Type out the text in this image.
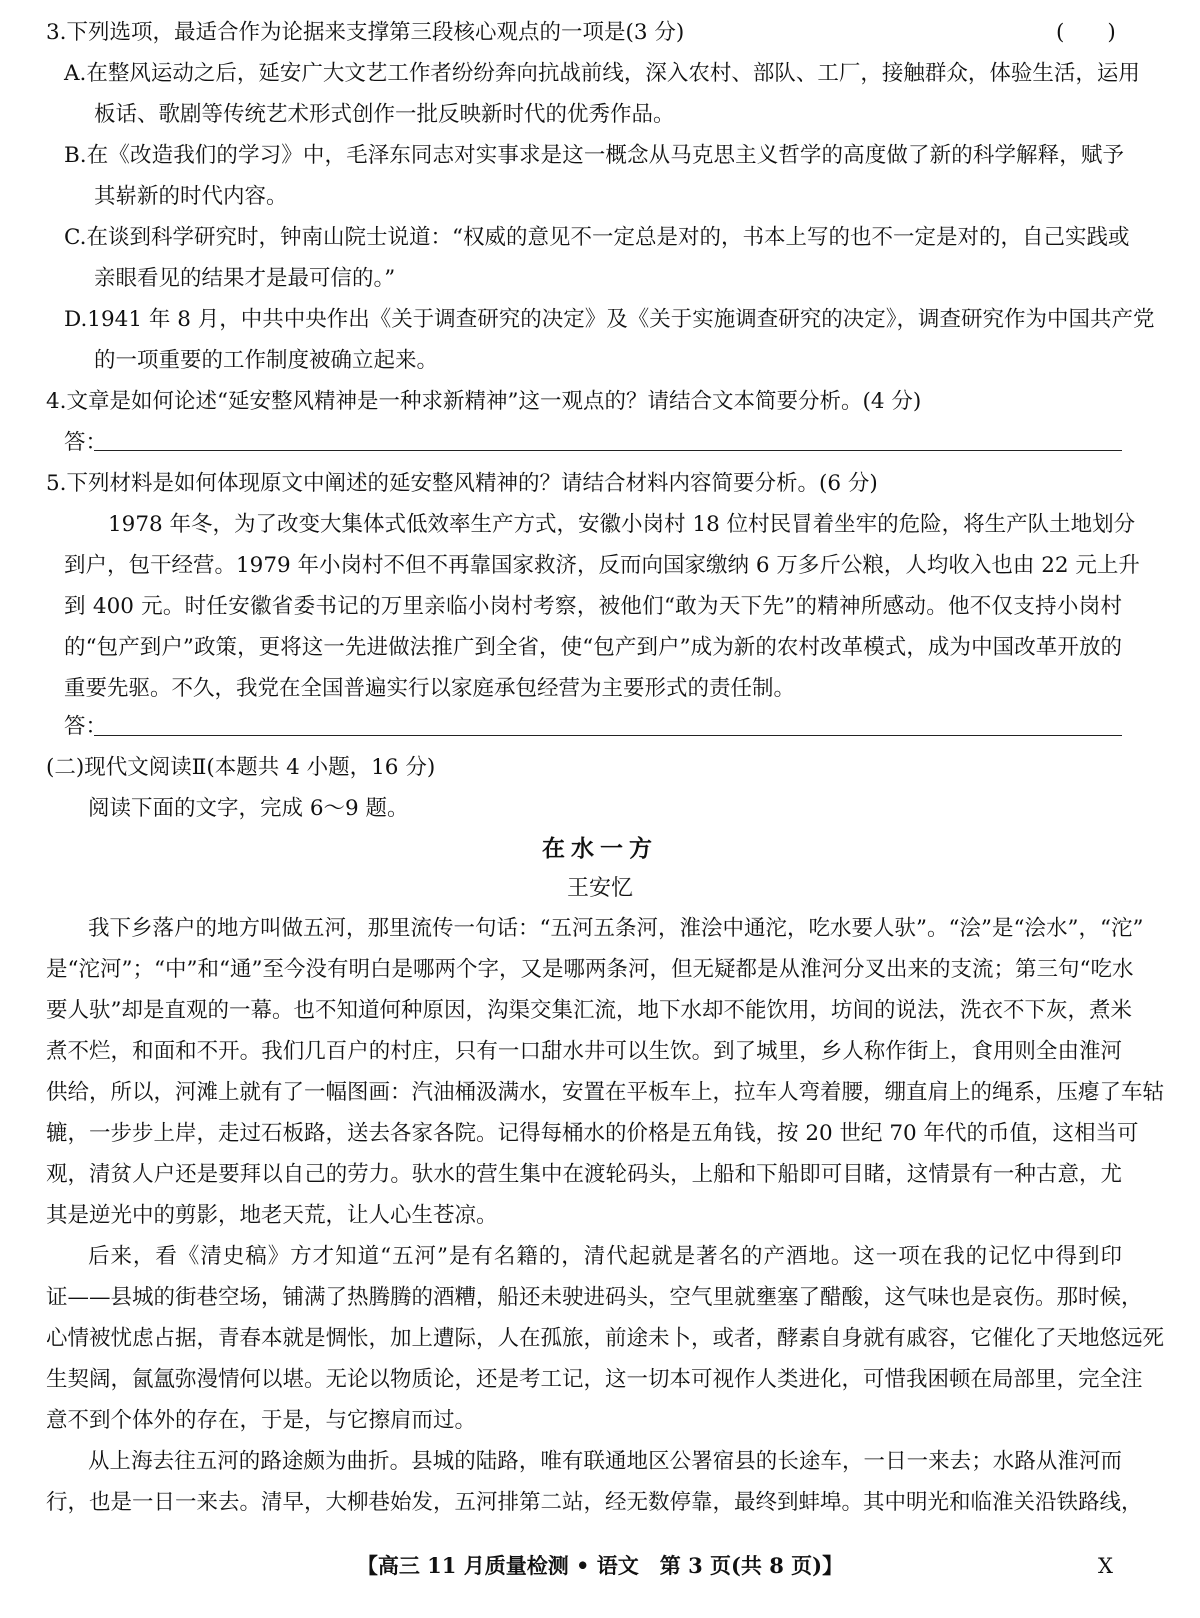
3.下列选项，最适合作为论据来支撑第三段核心观点的一项是(3 分)	(　　)
A.在整风运动之后，延安广大文艺工作者纷纷奔向抗战前线，深入农村、部队、工厂，接触群众，体验生活，运用
板话、歌剧等传统艺术形式创作一批反映新时代的优秀作品。
B.在《改造我们的学习》中，毛泽东同志对实事求是这一概念从马克思主义哲学的高度做了新的科学解释，赋予
其崭新的时代内容。
C.在谈到科学研究时，钟南山院士说道：“权威的意见不一定总是对的，书本上写的也不一定是对的，自己实践或
亲眼看见的结果才是最可信的。”
D.1941 年 8 月，中共中央作出《关于调查研究的决定》及《关于实施调查研究的决定》，调查研究作为中国共产党
的一项重要的工作制度被确立起来。
4.文章是如何论述“延安整风精神是一种求新精神”这一观点的？请结合文本简要分析。(4 分)
答：
5.下列材料是如何体现原文中阐述的延安整风精神的？请结合材料内容简要分析。(6 分)
1978 年冬，为了改变大集体式低效率生产方式，安徽小岗村 18 位村民冒着坐牢的危险，将生产队土地划分
到户，包干经营。1979 年小岗村不但不再靠国家救济，反而向国家缴纳 6 万多斤公粮，人均收入也由 22 元上升
到 400 元。时任安徽省委书记的万里亲临小岗村考察，被他们“敢为天下先”的精神所感动。他不仅支持小岗村
的“包产到户”政策，更将这一先进做法推广到全省，使“包产到户”成为新的农村改革模式，成为中国改革开放的
重要先驱。不久，我党在全国普遍实行以家庭承包经营为主要形式的责任制。
答：
(二)现代文阅读Ⅱ(本题共 4 小题，16 分)
阅读下面的文字，完成 6～9 题。
在水一方
王安忆
我下乡落户的地方叫做五河，那里流传一句话：“五河五条河，淮浍中通沱，吃水要人驮”。“浍”是“浍水”，“沱”
是“沱河”；“中”和“通”至今没有明白是哪两个字，又是哪两条河，但无疑都是从淮河分叉出来的支流；第三句“吃水
要人驮”却是直观的一幕。也不知道何种原因，沟渠交集汇流，地下水却不能饮用，坊间的说法，洗衣不下灰，煮米
煮不烂，和面和不开。我们几百户的村庄，只有一口甜水井可以生饮。到了城里，乡人称作街上，食用则全由淮河
供给，所以，河滩上就有了一幅图画：汽油桶汲满水，安置在平板车上，拉车人弯着腰，绷直肩上的绳系，压瘪了车轱
辘，一步步上岸，走过石板路，送去各家各院。记得每桶水的价格是五角钱，按 20 世纪 70 年代的币值，这相当可
观，清贫人户还是要拜以自己的劳力。驮水的营生集中在渡轮码头，上船和下船即可目睹，这情景有一种古意，尤
其是逆光中的剪影，地老天荒，让人心生苍凉。
后来，看《清史稿》方才知道“五河”是有名籍的，清代起就是著名的产酒地。这一项在我的记忆中得到印
证——县城的街巷空场，铺满了热腾腾的酒糟，船还未驶进码头，空气里就壅塞了醋酸，这气味也是哀伤。那时候，
心情被忧虑占据，青春本就是惆怅，加上遭际，人在孤旅，前途未卜，或者，酵素自身就有戚容，它催化了天地悠远死
生契阔，氤氲弥漫情何以堪。无论以物质论，还是考工记，这一切本可视作人类进化，可惜我困顿在局部里，完全注
意不到个体外的存在，于是，与它擦肩而过。
从上海去往五河的路途颇为曲折。县城的陆路，唯有联通地区公署宿县的长途车，一日一来去；水路从淮河而
行，也是一日一来去。清早，大柳巷始发，五河排第二站，经无数停靠，最终到蚌埠。其中明光和临淮关沿铁路线，
【高三 11 月质量检测 • 语文　第 3 页(共 8 页)】	X
